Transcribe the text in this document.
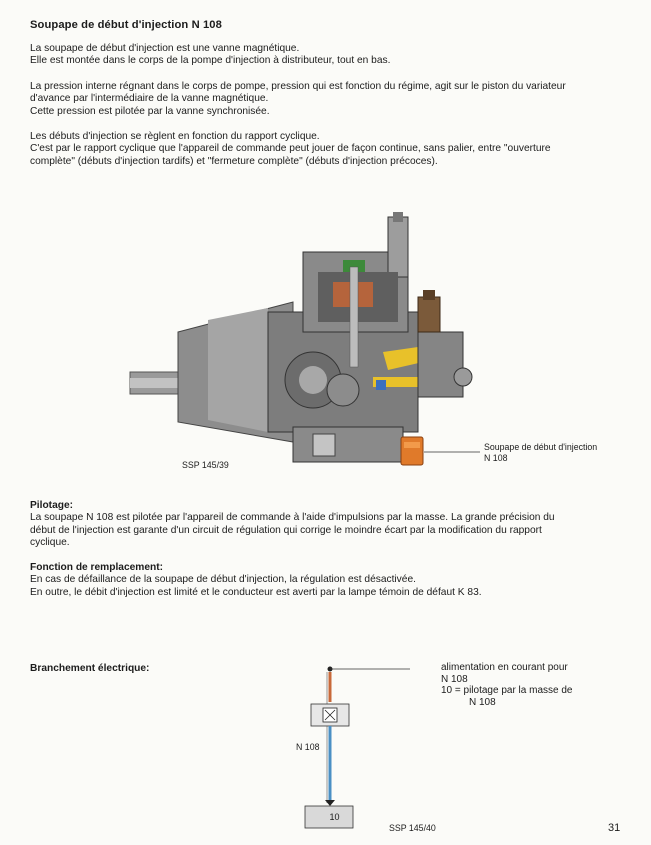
Soupape de début d'injection N 108
La soupape de début d'injection est une vanne magnétique.
Elle est montée dans le corps de la pompe d'injection à distributeur, tout en bas.
La pression interne régnant dans le corps de pompe, pression qui est fonction du régime, agit sur le piston du variateur
d'avance par l'intermédiaire de la vanne magnétique.
Cette pression est pilotée par la vanne synchronisée.
Les débuts d'injection se règlent en fonction du rapport cyclique.
C'est par le rapport cyclique que l'appareil de commande peut jouer de façon continue, sans palier, entre "ouverture
complète" (débuts d'injection tardifs) et "fermeture complète" (débuts d'injection précoces).
SSP 145/39
Soupape de début d'injection
N 108
Pilotage:
La soupape N 108 est pilotée par l'appareil de commande à l'aide d'impulsions par la masse. La grande précision du
début de l'injection est garante d'un circuit de régulation qui corrige le moindre écart par la modification du rapport
cyclique.
Fonction de remplacement:
En cas de défaillance de la soupape de début d'injection, la régulation est désactivée.
En outre, le débit d'injection est limité et le conducteur est averti par la lampe témoin de défaut K 83.
Branchement électrique:
N 108
10
SSP 145/40
alimentation en courant pour
N 108
10 = pilotage par la masse de
N 108
31
